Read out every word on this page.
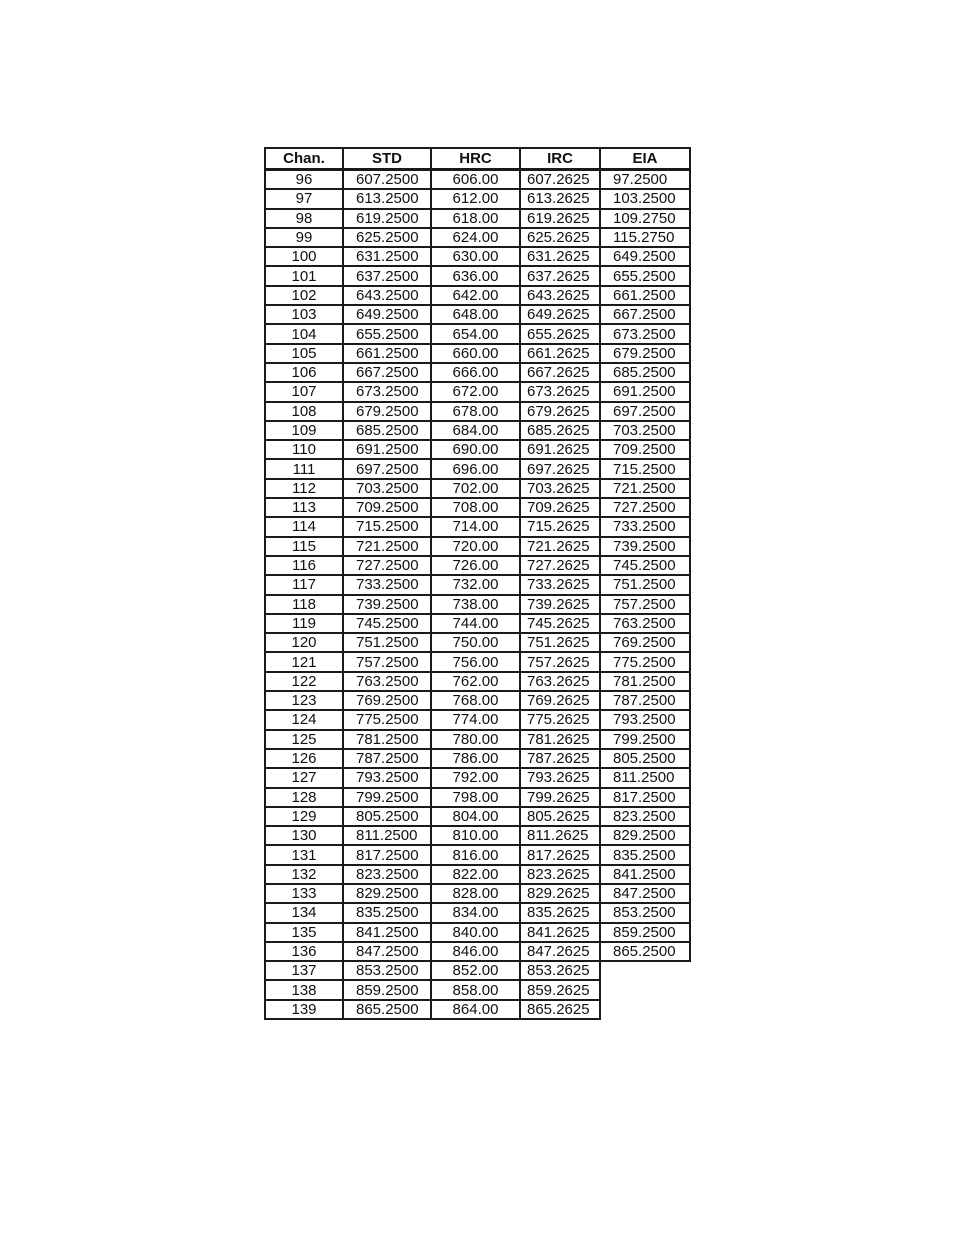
Chan.	STD	HRC	IRC	EIA
96	607.2500	606.00	607.2625	97.2500
97	613.2500	612.00	613.2625	103.2500
98	619.2500	618.00	619.2625	109.2750
99	625.2500	624.00	625.2625	115.2750
100	631.2500	630.00	631.2625	649.2500
101	637.2500	636.00	637.2625	655.2500
102	643.2500	642.00	643.2625	661.2500
103	649.2500	648.00	649.2625	667.2500
104	655.2500	654.00	655.2625	673.2500
105	661.2500	660.00	661.2625	679.2500
106	667.2500	666.00	667.2625	685.2500
107	673.2500	672.00	673.2625	691.2500
108	679.2500	678.00	679.2625	697.2500
109	685.2500	684.00	685.2625	703.2500
110	691.2500	690.00	691.2625	709.2500
111	697.2500	696.00	697.2625	715.2500
112	703.2500	702.00	703.2625	721.2500
113	709.2500	708.00	709.2625	727.2500
114	715.2500	714.00	715.2625	733.2500
115	721.2500	720.00	721.2625	739.2500
116	727.2500	726.00	727.2625	745.2500
117	733.2500	732.00	733.2625	751.2500
118	739.2500	738.00	739.2625	757.2500
119	745.2500	744.00	745.2625	763.2500
120	751.2500	750.00	751.2625	769.2500
121	757.2500	756.00	757.2625	775.2500
122	763.2500	762.00	763.2625	781.2500
123	769.2500	768.00	769.2625	787.2500
124	775.2500	774.00	775.2625	793.2500
125	781.2500	780.00	781.2625	799.2500
126	787.2500	786.00	787.2625	805.2500
127	793.2500	792.00	793.2625	811.2500
128	799.2500	798.00	799.2625	817.2500
129	805.2500	804.00	805.2625	823.2500
130	811.2500	810.00	811.2625	829.2500
131	817.2500	816.00	817.2625	835.2500
132	823.2500	822.00	823.2625	841.2500
133	829.2500	828.00	829.2625	847.2500
134	835.2500	834.00	835.2625	853.2500
135	841.2500	840.00	841.2625	859.2500
136	847.2500	846.00	847.2625	865.2500
137	853.2500	852.00	853.2625	
138	859.2500	858.00	859.2625	
139	865.2500	864.00	865.2625	
